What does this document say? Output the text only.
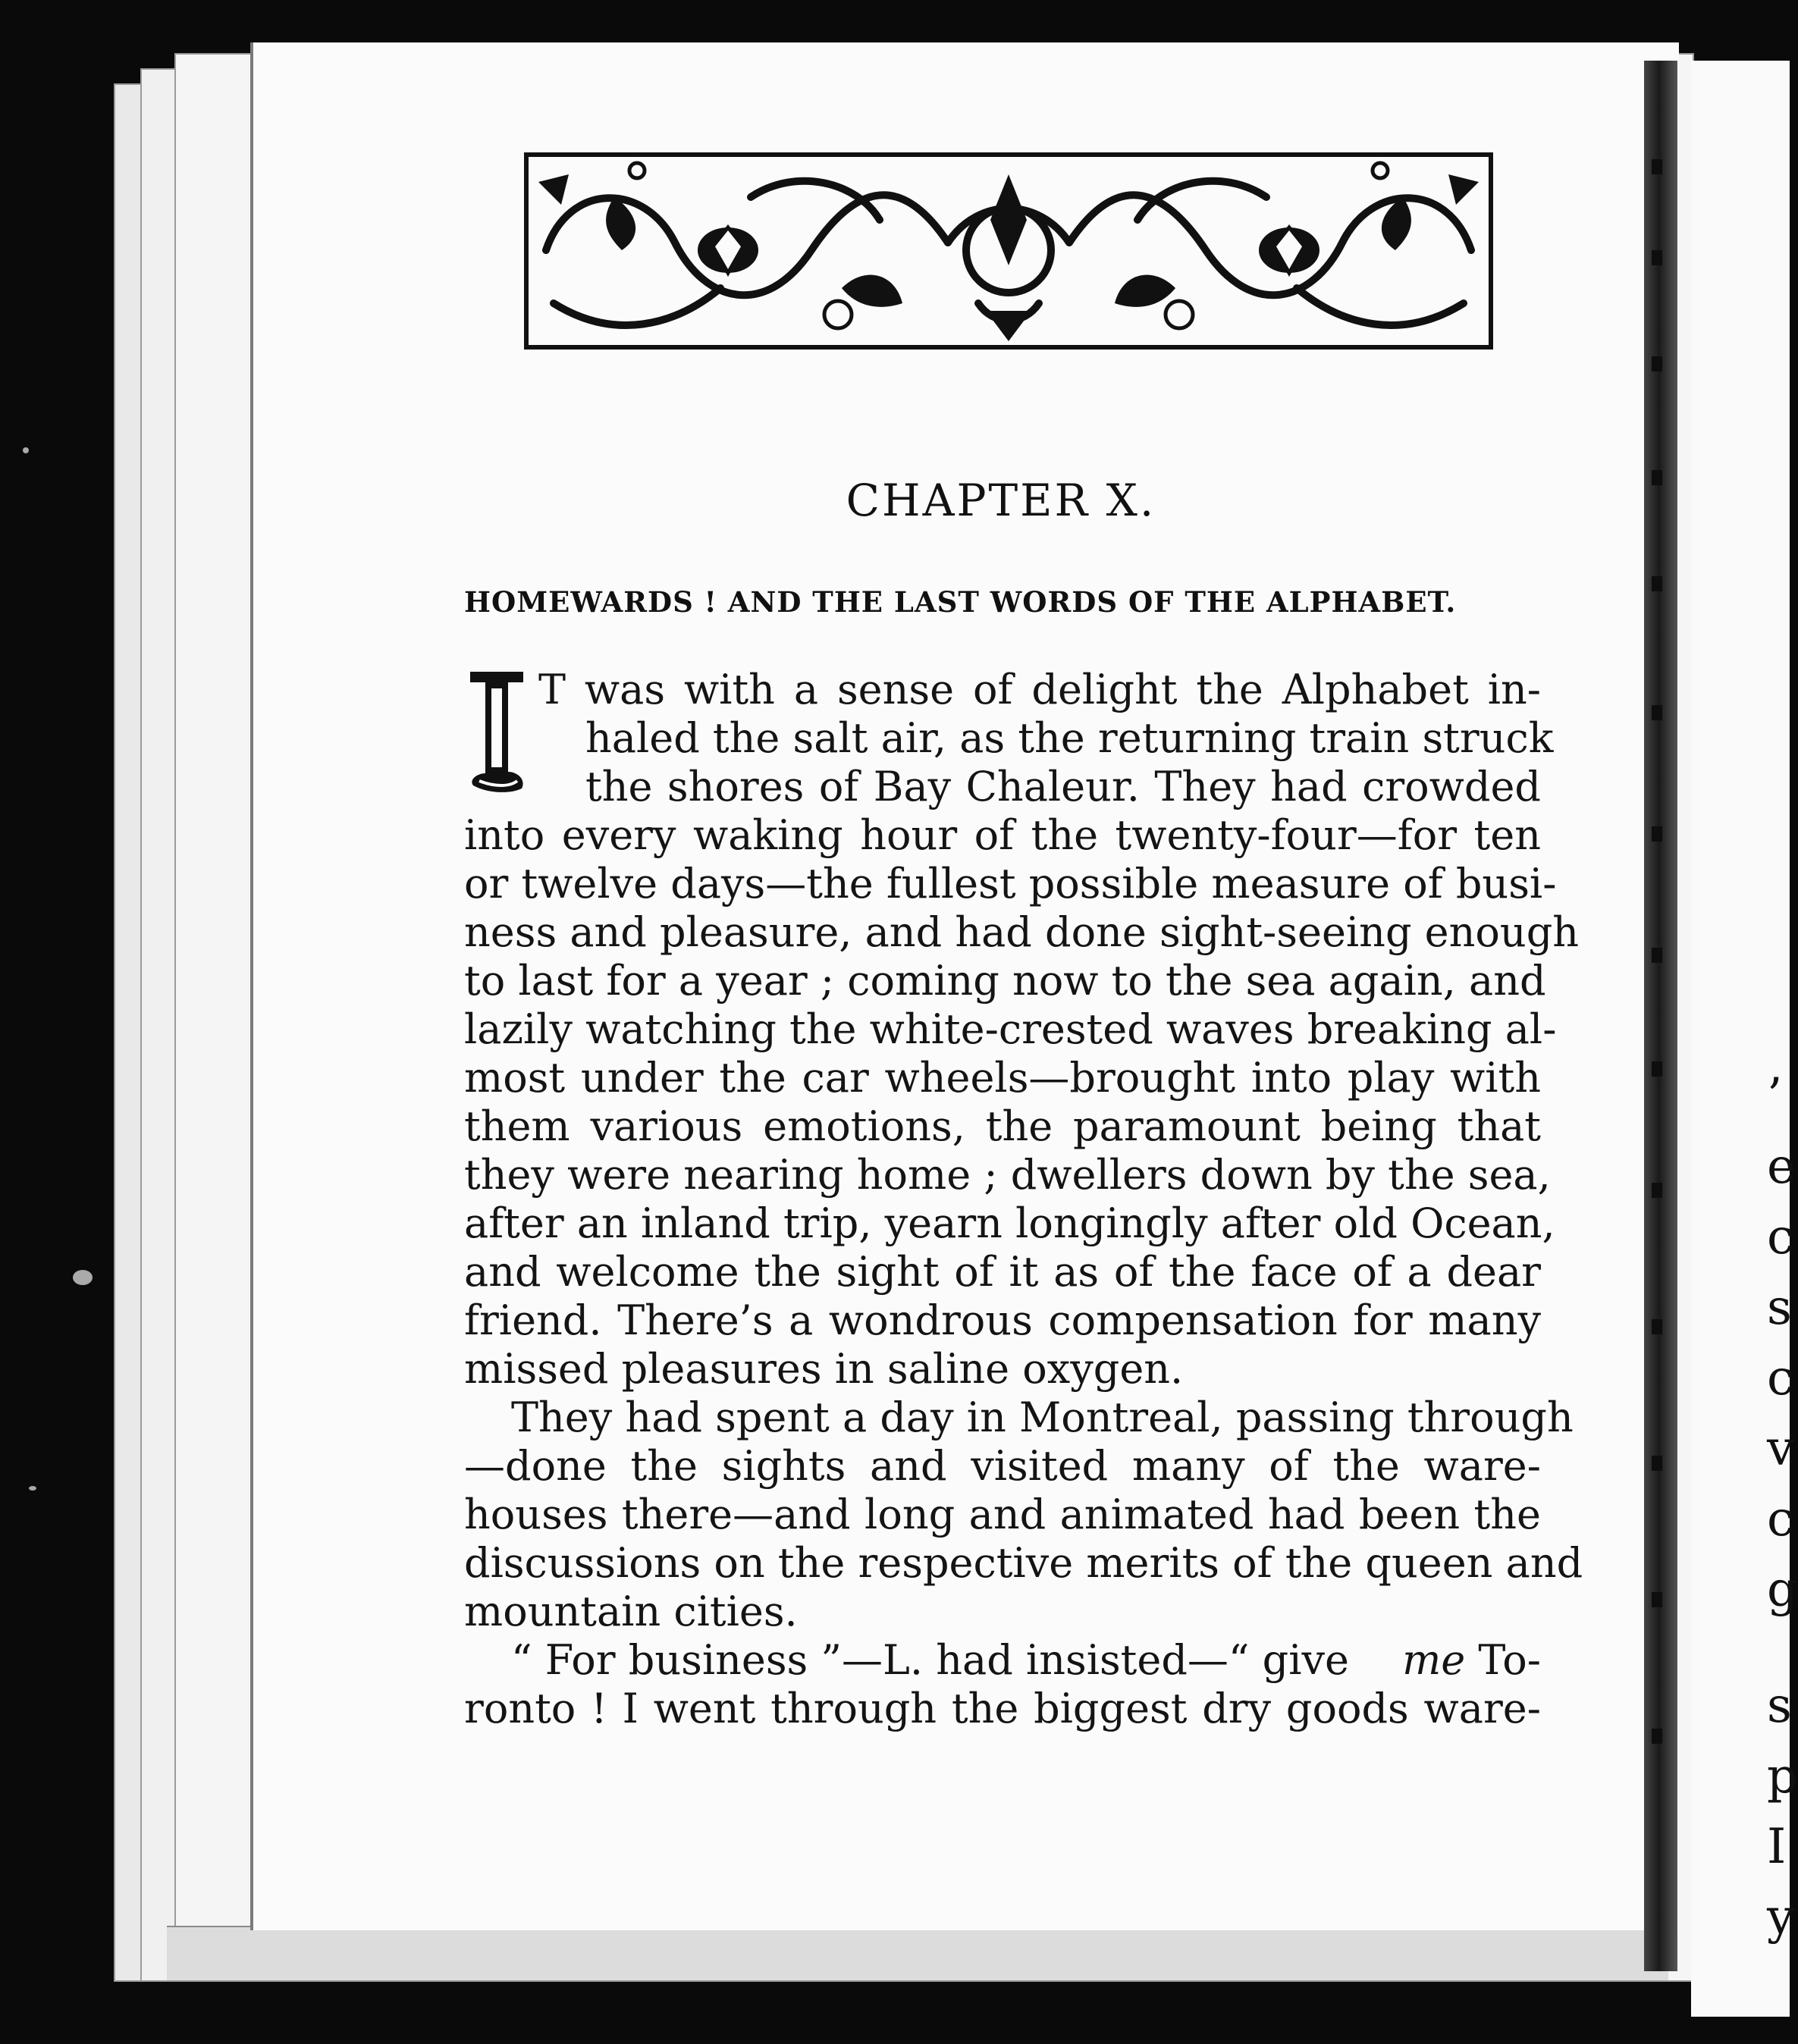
’
e
c
s
c
v
c
g
s
p
I
y
CHAPTER X.
HOMEWARDS ! AND THE LAST WORDS OF THE ALPHABET.
T was with a sense of delight the Alphabet in-
haled the salt air, as the returning train struck
the shores of Bay Chaleur. They had crowded
into every waking hour of the twenty-four—for ten
or twelve days—the fullest possible measure of busi-
ness and pleasure, and had done sight-seeing enough
to last for a year ; coming now to the sea again, and
lazily watching the white-crested waves breaking al-
most under the car wheels—brought into play with
them various emotions, the paramount being that
they were nearing home ; dwellers down by the sea,
after an inland trip, yearn longingly after old Ocean,
and welcome the sight of it as of the face of a dear
friend. There’s a wondrous compensation for many
missed pleasures in saline oxygen.
They had spent a day in Montreal, passing through
—done the sights and visited many of the ware-
houses there—and long and animated had been the
discussions on the respective merits of the queen and
mountain cities.
“ For business ”—L. had insisted—“ give me To-
ronto ! I went through the biggest dry goods ware-
